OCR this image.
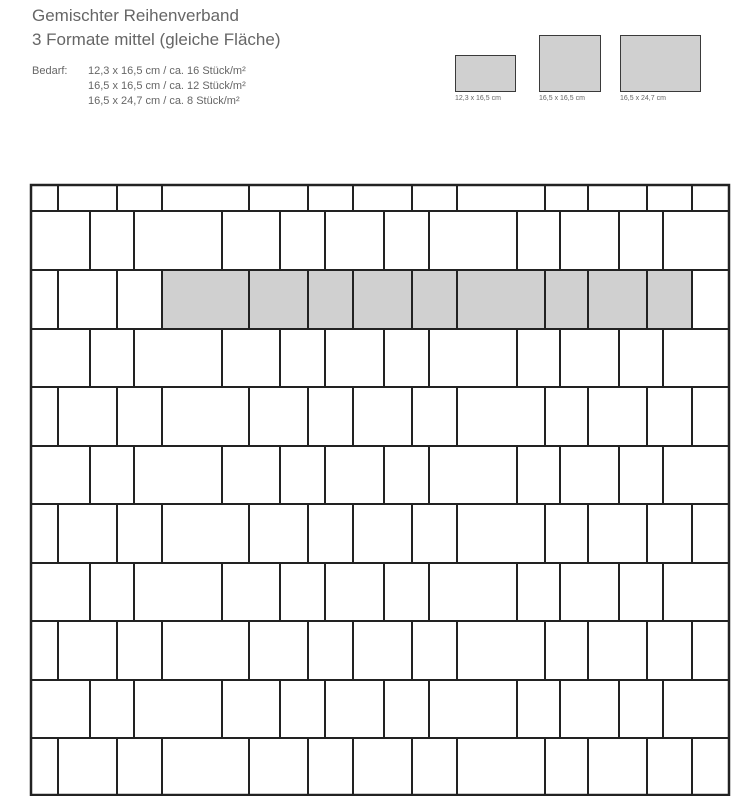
Gemischter Reihenverband
3 Formate mittel (gleiche Fläche)
Bedarf: 12,3 x 16,5 cm / ca. 16 Stück/m²
16,5 x 16,5 cm / ca. 12 Stück/m²
16,5 x 24,7 cm / ca. 8 Stück/m²	12,3 x 16,5 cm	16,5 x 16,5 cm	16,5 x 24,7 cm
